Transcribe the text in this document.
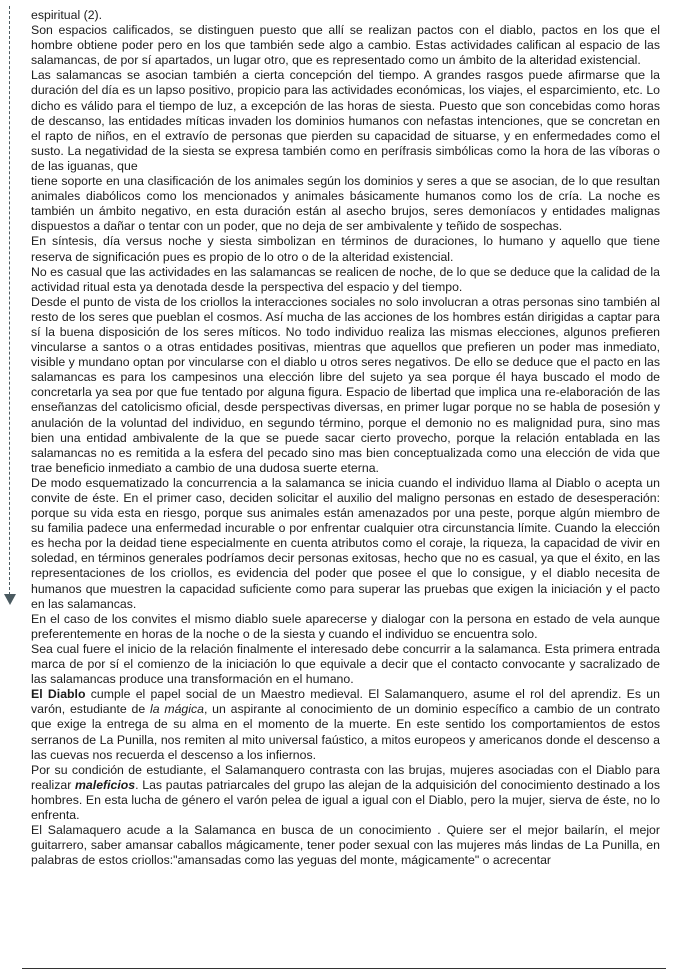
espiritual (2).

Son espacios calificados, se distinguen puesto que allí se realizan pactos con el diablo, pactos en los que el hombre obtiene poder pero en los que también sede algo a cambio. Estas actividades califican al espacio de las salamancas, de por sí apartados, un lugar otro, que es representado como un ámbito de la alteridad existencial.

Las salamancas se asocian también a cierta concepción del tiempo. A grandes rasgos puede afirmarse que la duración del día es un lapso positivo, propicio para las actividades económicas, los viajes, el esparcimiento, etc. Lo dicho es válido para el tiempo de luz, a excepción de las horas de siesta. Puesto que son concebidas como horas de descanso, las entidades míticas invaden los dominios humanos con nefastas intenciones, que se concretan en el rapto de niños, en el extravío de personas que pierden su capacidad de situarse, y en enfermedades como el susto. La negatividad de la siesta se expresa también como en perífrasis simbólicas como la hora de las víboras o de las iguanas, que

tiene soporte en una clasificación de los animales según los dominios y seres a que se asocian, de lo que resultan animales diabólicos como los mencionados y animales básicamente humanos como los de cría. La noche es también un ámbito negativo, en esta duración están al asecho brujos, seres demoníacos y entidades malignas dispuestos a dañar o tentar con un poder, que no deja de ser ambivalente y teñido de sospechas.

En síntesis, día versus noche y siesta simbolizan en términos de duraciones, lo humano y aquello que tiene reserva de significación pues es propio de lo otro o de la alteridad existencial.

No es casual que las actividades en las salamancas se realicen de noche, de lo que se deduce que la calidad de la actividad ritual esta ya denotada desde la perspectiva del espacio y del tiempo.

Desde el punto de vista de los criollos la interacciones sociales no solo involucran a otras personas sino también al resto de los seres que pueblan el cosmos. Así mucha de las acciones de los hombres están dirigidas a captar para sí la buena disposición de los seres míticos. No todo individuo realiza las mismas elecciones, algunos prefieren vincularse a santos o a otras entidades positivas, mientras que aquellos que prefieren un poder mas inmediato, visible y mundano optan por vincularse con el diablo u otros seres negativos. De ello se deduce que el pacto en las salamancas es para los campesinos una elección libre del sujeto ya sea porque él haya buscado el modo de concretarla ya sea por que fue tentado por alguna figura. Espacio de libertad que implica una re-elaboración de las enseñanzas del catolicismo oficial, desde perspectivas diversas, en primer lugar porque no se habla de posesión y anulación de la voluntad del individuo, en segundo término, porque el demonio no es malignidad pura, sino mas bien una entidad ambivalente de la que se puede sacar cierto provecho, porque la relación entablada en las salamancas no es remitida a la esfera del pecado sino mas bien conceptualizada como una elección de vida que trae beneficio inmediato a cambio de una dudosa suerte eterna.

De modo esquematizado la concurrencia a la salamanca se inicia cuando el individuo llama al Diablo o acepta un convite de éste. En el primer caso, deciden solicitar el auxilio del maligno personas en estado de desesperación: porque su vida esta en riesgo, porque sus animales están amenazados por una peste, porque algún miembro de su familia padece una enfermedad incurable o por enfrentar cualquier otra circunstancia límite. Cuando la elección es hecha por la deidad tiene especialmente en cuenta atributos como el coraje, la riqueza, la capacidad de vivir en soledad, en términos generales podríamos decir personas exitosas, hecho que no es casual, ya que el éxito, en las representaciones de los criollos, es evidencia del poder que posee el que lo consigue, y el diablo necesita de humanos que muestren la capacidad suficiente como para superar las pruebas que exigen la iniciación y el pacto en las salamancas.

En el caso de los convites el mismo diablo suele aparecerse y dialogar con la persona en estado de vela aunque preferentemente en horas de la noche o de la siesta y cuando el individuo se encuentra solo.

Sea cual fuere el inicio de la relación finalmente el interesado debe concurrir a la salamanca. Esta primera entrada marca de por sí el comienzo de la iniciación lo que equivale a decir que el contacto convocante y sacralizado de las salamancas produce una transformación en el humano.

El Diablo cumple el papel social de un Maestro medieval. El Salamanquero, asume el rol del aprendiz. Es un varón, estudiante de la mágica, un aspirante al conocimiento de un dominio específico a cambio de un contrato que exige la entrega de su alma en el momento de la muerte. En este sentido los comportamientos de estos serranos de La Punilla, nos remiten al mito universal faústico, a mitos europeos y americanos donde el descenso a las cuevas nos recuerda el descenso a los infiernos.

Por su condición de estudiante, el Salamanquero contrasta con las brujas, mujeres asociadas con el Diablo para realizar maleficios. Las pautas patriarcales del grupo las alejan de la adquisición del conocimiento destinado a los hombres. En esta lucha de género el varón pelea de igual a igual con el Diablo, pero la mujer, sierva de éste, no lo enfrenta.

El Salamaquero acude a la Salamanca en busca de un conocimiento . Quiere ser el mejor bailarín, el mejor guitarrero, saber amansar caballos mágicamente, tener poder sexual con las mujeres más lindas de La Punilla, en palabras de estos criollos:"amansadas como las yeguas del monte, mágicamente" o acrecentar
